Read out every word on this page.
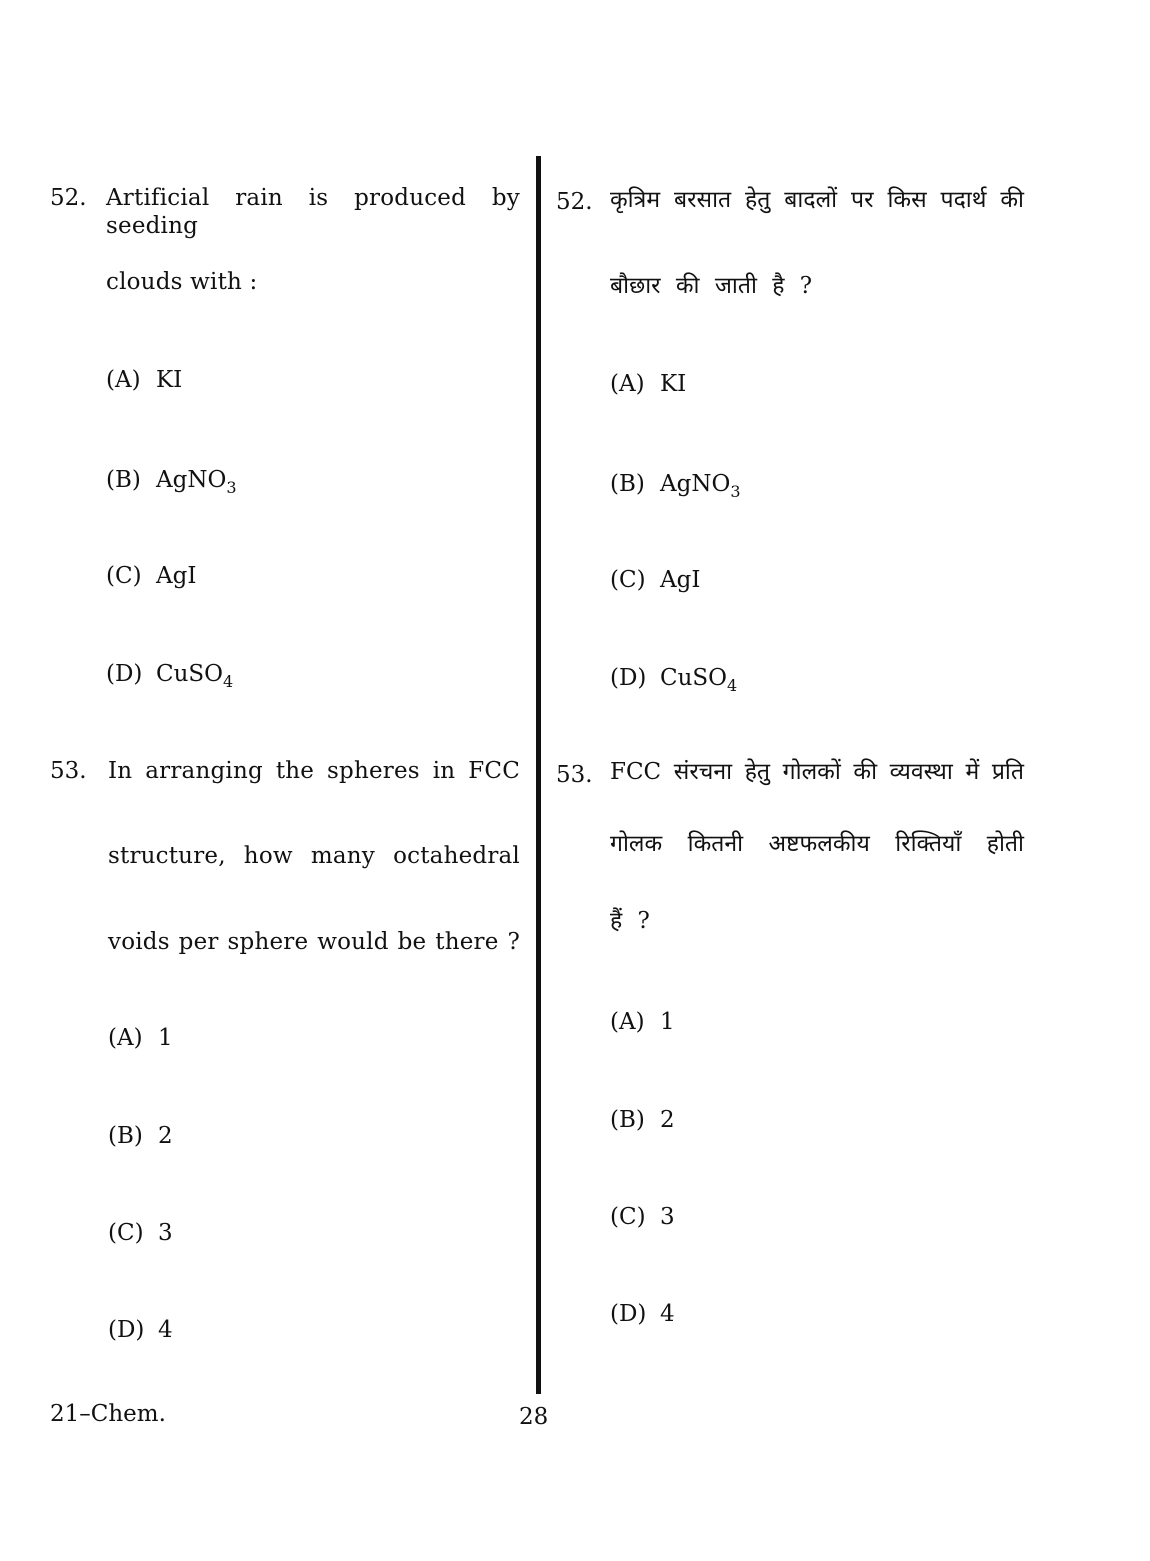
52. Artificial rain is produced by seeding
clouds with :
(A) KI
(B) AgNO$_3$
(C) AgI
(D) CuSO$_4$
53. In arranging the spheres in FCC
structure, how many octahedral
voids per sphere would be there ?
(A) 1
(B) 2
(C) 3
(D) 4
52. कृत्रिम बरसात हेतु बादलों पर किस पदार्थ की
बौछार की जाती है ?
(A) KI
(B) AgNO$_3$
(C) AgI
(D) CuSO$_4$
53. FCC संरचना हेतु गोलकों की व्यवस्था में प्रति
गोलक कितनी अष्टफलकीय रिक्तियाँ होती
हैं ?
(A) 1
(B) 2
(C) 3
(D) 4
21–Chem.	28
